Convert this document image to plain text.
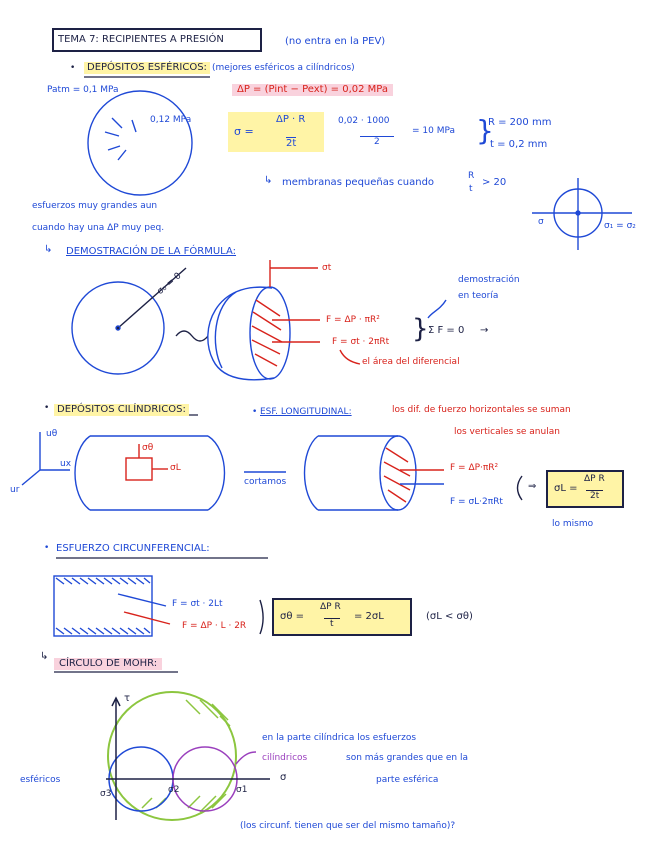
TEMA 7: RECIPIENTES A PRESIÓN	(no entra en la PEV)
DEPÓSITOS ESFÉRICOS:
•	(mejores esféricos a cilíndricos)
Patm = 0,1 MPa	ΔP = (Pint − Pext) = 0,02 MPa
0,12 MPa
σ =
ΔP · R
2t
0,02 · 1000
2
= 10 MPa
R = 200 mm
t = 0,2 mm
}
↳ membranas pequeñas cuando
R
t
> 20
σ	σ₁ = σ₂
esfuerzos muy grandes aun
cuando hay una ΔP muy peq.
↳ DEMOSTRACIÓN DE LA FÓRMULA:
σ₀ = 0
σt
F = ΔP · πR²
F = σt · 2πRt } Σ F = 0 →
demostración
en teoría
el área del diferencial
• DEPÓSITOS CILÍNDRICOS:	• ESF. LONGITUDINAL:	los dif. de fuerzo horizontales se suman
los verticales se anulan
uθ
ux
ur
σθ
σL
cortamos
F = ΔP·πR²
F = σL·2πRt
⇒ σL =
ΔP R
2t
lo mismo
• ESFUERZO CIRCUNFERENCIAL:
F = σt · 2Lt
F = ΔP · L · 2R
σθ =
ΔP R
t
= 2σL	(σL < σθ)
↳
CÍRCULO DE MOHR:
τ
σ
σ3	σ2	σ1
esféricos
en la parte cilíndrica los esfuerzos
cilíndricos	son más grandes que en la
parte esférica
(los circunf. tienen que ser del mismo tamaño)?
